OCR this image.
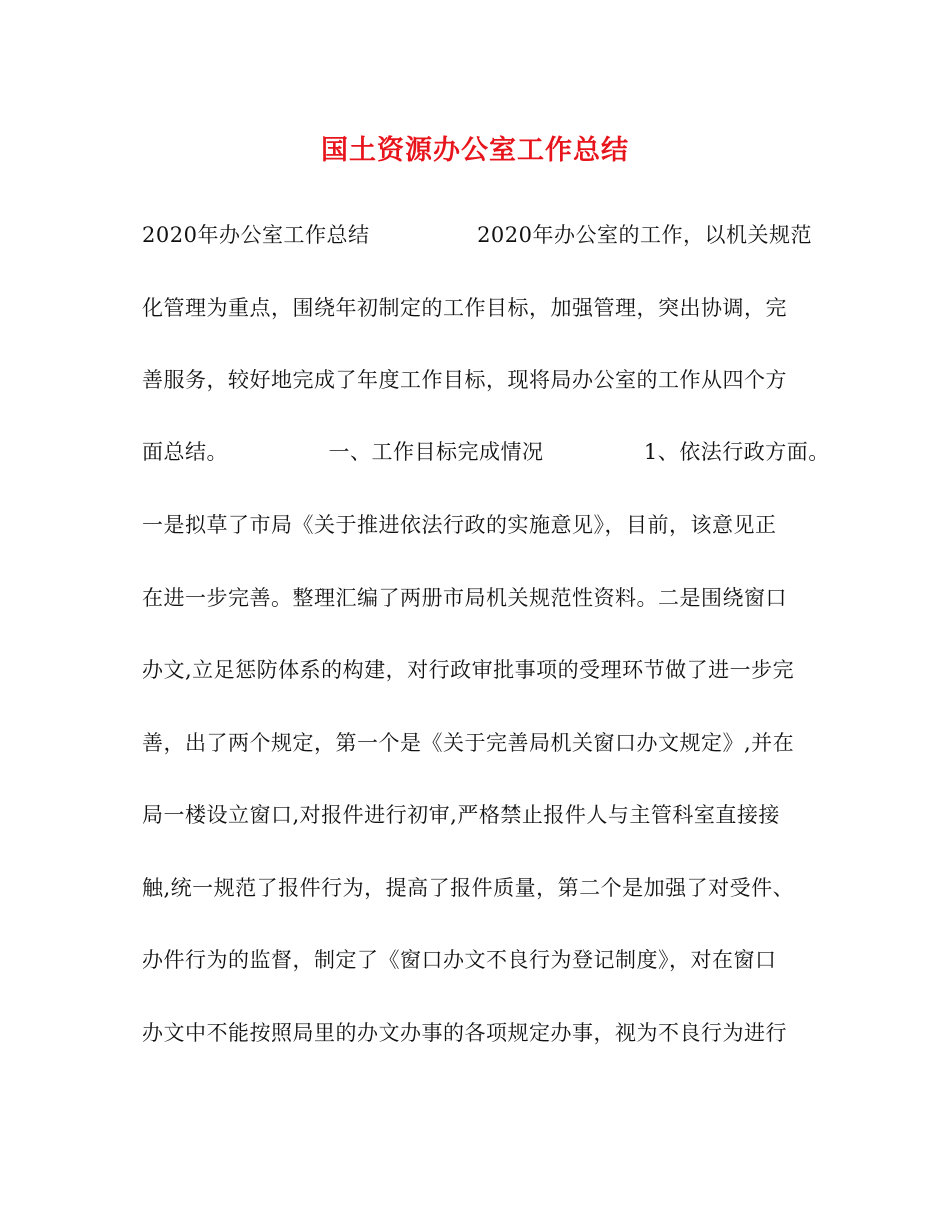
国土资源办公室工作总结
2020年办公室工作总结               2020年办公室的工作，以机关规范
化管理为重点，围绕年初制定的工作目标，加强管理，突出协调，完
善服务，较好地完成了年度工作目标，现将局办公室的工作从四个方
面总结。              一、工作目标完成情况              1、依法行政方面。
一是拟草了市局《关于推进依法行政的实施意见》，目前，该意见正
在进一步完善。整理汇编了两册市局机关规范性资料。二是围绕窗口
办文,立足惩防体系的构建，对行政审批事项的受理环节做了进一步完
善，出了两个规定，第一个是《关于完善局机关窗口办文规定》,并在
局一楼设立窗口,对报件进行初审,严格禁止报件人与主管科室直接接
触,统一规范了报件行为，提高了报件质量，第二个是加强了对受件、
办件行为的监督，制定了《窗口办文不良行为登记制度》，对在窗口
办文中不能按照局里的办文办事的各项规定办事，视为不良行为进行
